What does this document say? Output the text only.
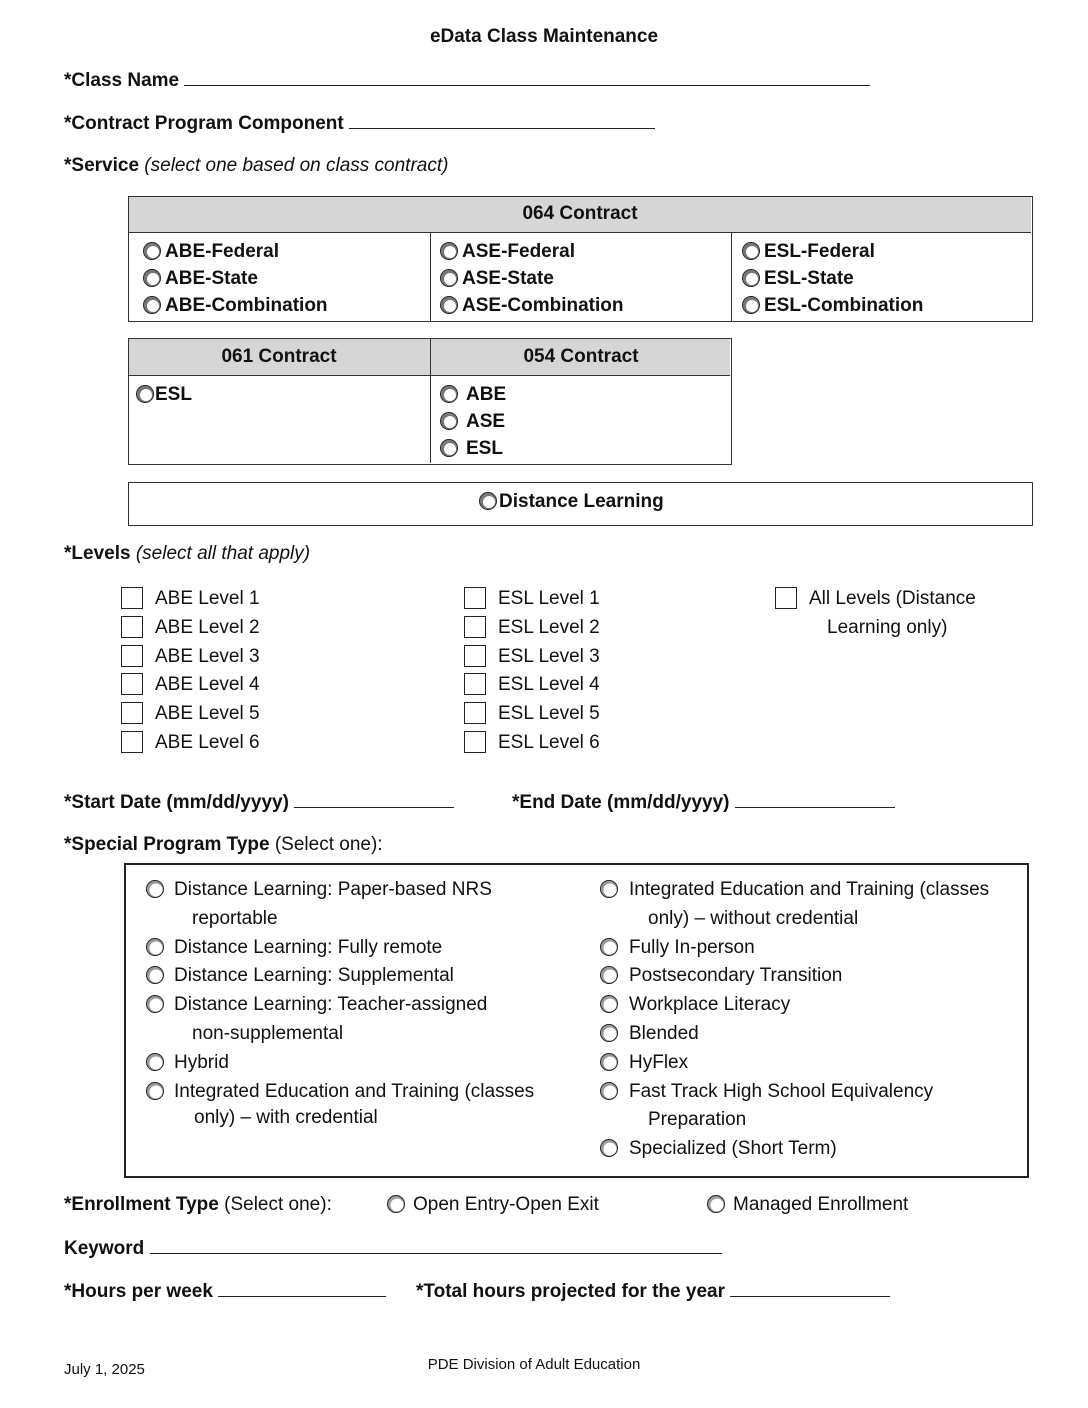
eData Class Maintenance
*Class Name
*Contract Program Component
*Service (select one based on class contract)
064 Contract
ABE-Federal
ABE-State
ABE-Combination
ASE-Federal
ASE-State
ASE-Combination
ESL-Federal
ESL-State
ESL-Combination
061 Contract	054 Contract
ESL	ABE
ASE
ESL
Distance Learning
*Levels (select all that apply)
ABE Level 1
ABE Level 2
ABE Level 3
ABE Level 4
ABE Level 5
ABE Level 6
ESL Level 1
ESL Level 2
ESL Level 3
ESL Level 4
ESL Level 5
ESL Level 6
All Levels (Distance
Learning only)
*Start Date (mm/dd/yyyy)	*End Date (mm/dd/yyyy)
*Special Program Type (Select one):
Distance Learning: Paper-based NRS
reportable
Distance Learning: Fully remote
Distance Learning: Supplemental
Distance Learning: Teacher-assigned
non-supplemental
Hybrid
Integrated Education and Training (classes
only) – with credential
Integrated Education and Training (classes
only) – without credential
Fully In-person
Postsecondary Transition
Workplace Literacy
Blended
HyFlex
Fast Track High School Equivalency
Preparation
Specialized (Short Term)
*Enrollment Type (Select one):	Open Entry-Open Exit	Managed Enrollment
Keyword
*Hours per week	*Total hours projected for the year
July 1, 2025	PDE Division of Adult Education
